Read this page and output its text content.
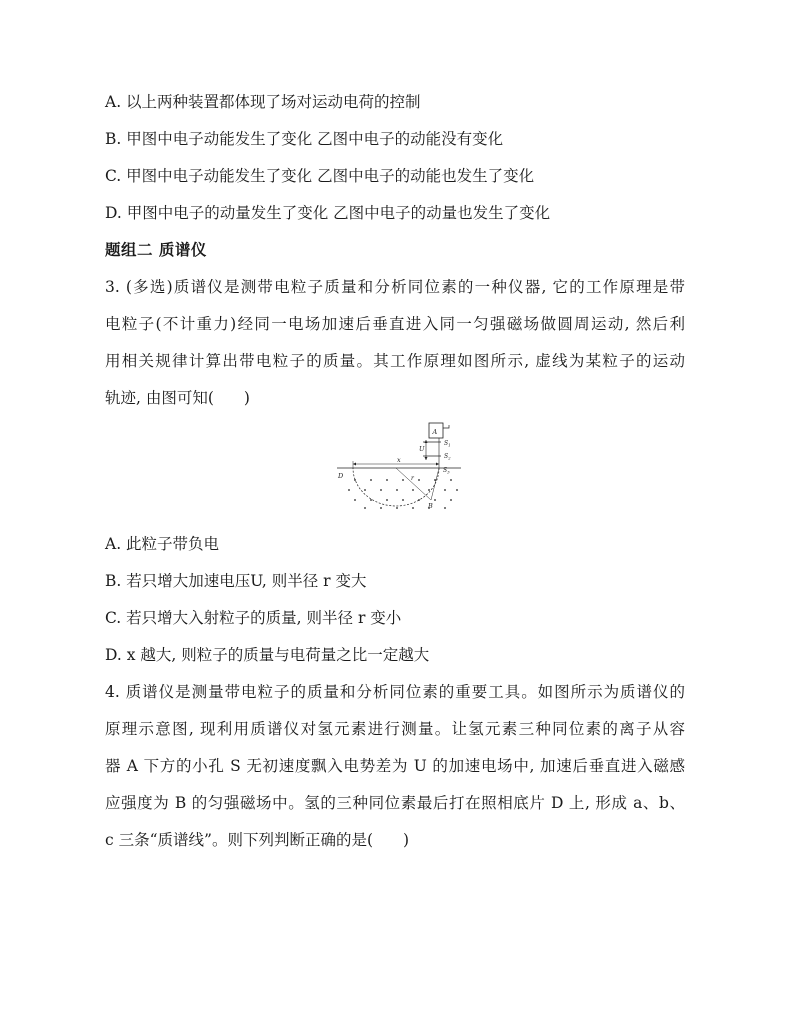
A. 以上两种装置都体现了场对运动电荷的控制
B. 甲图中电子动能发生了变化 乙图中电子的动能没有变化
C. 甲图中电子动能发生了变化 乙图中电子的动能也发生了变化
D. 甲图中电子的动量发生了变化 乙图中电子的动量也发生了变化
题组二 质谱仪
3. (多选)质谱仪是测带电粒子质量和分析同位素的一种仪器, 它的工作原理是带
电粒子(不计重力)经同一电场加速后垂直进入同一匀强磁场做圆周运动, 然后利
用相关规律计算出带电粒子的质量。其工作原理如图所示, 虚线为某粒子的运动
轨迹, 由图可知( )
A
U
$S_1$
$S_2$
x
$S_3$
D	r
B
A. 此粒子带负电
B. 若只增大加速电压U, 则半径 r 变大
C. 若只增大入射粒子的质量, 则半径 r 变小
D. x 越大, 则粒子的质量与电荷量之比一定越大
4. 质谱仪是测量带电粒子的质量和分析同位素的重要工具。如图所示为质谱仪的
原理示意图, 现利用质谱仪对氢元素进行测量。让氢元素三种同位素的离子从容
器 A 下方的小孔 S 无初速度飘入电势差为 U 的加速电场中, 加速后垂直进入磁感
应强度为 B 的匀强磁场中。氢的三种同位素最后打在照相底片 D 上, 形成 a、b、
c 三条“质谱线”。则下列判断正确的是( )
